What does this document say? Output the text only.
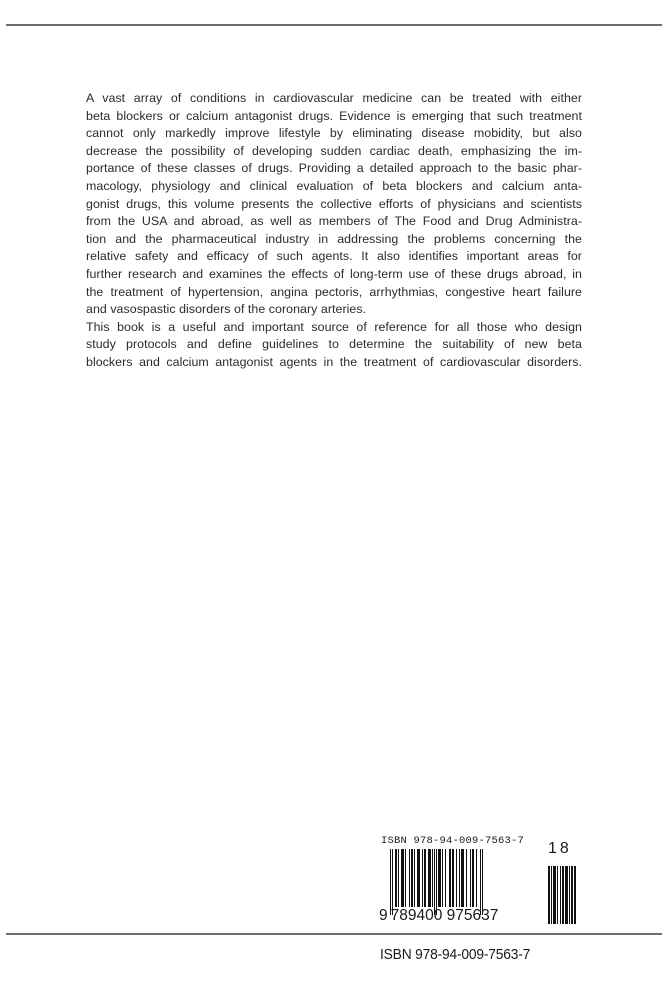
A vast array of conditions in cardiovascular medicine can be treated with either
beta blockers or calcium antagonist drugs. Evidence is emerging that such treatment
cannot only markedly improve lifestyle by eliminating disease mobidity, but also
decrease the possibility of developing sudden cardiac death, emphasizing the im-
portance of these classes of drugs. Providing a detailed approach to the basic phar-
macology, physiology and clinical evaluation of beta blockers and calcium anta-
gonist drugs, this volume presents the collective efforts of physicians and scientists
from the USA and abroad, as well as members of The Food and Drug Administra-
tion and the pharmaceutical industry in addressing the problems concerning the
relative safety and efficacy of such agents. It also identifies important areas for
further research and examines the effects of long-term use of these drugs abroad, in
the treatment of hypertension, angina pectoris, arrhythmias, congestive heart failure
and vasospastic disorders of the coronary arteries.
This book is a useful and important source of reference for all those who design
study protocols and define guidelines to determine the suitability of new beta
blockers and calcium antagonist agents in the treatment of cardiovascular disorders.
ISBN 978-94-009-7563-7 18
9 789400 975637
ISBN 978-94-009-7563-7
